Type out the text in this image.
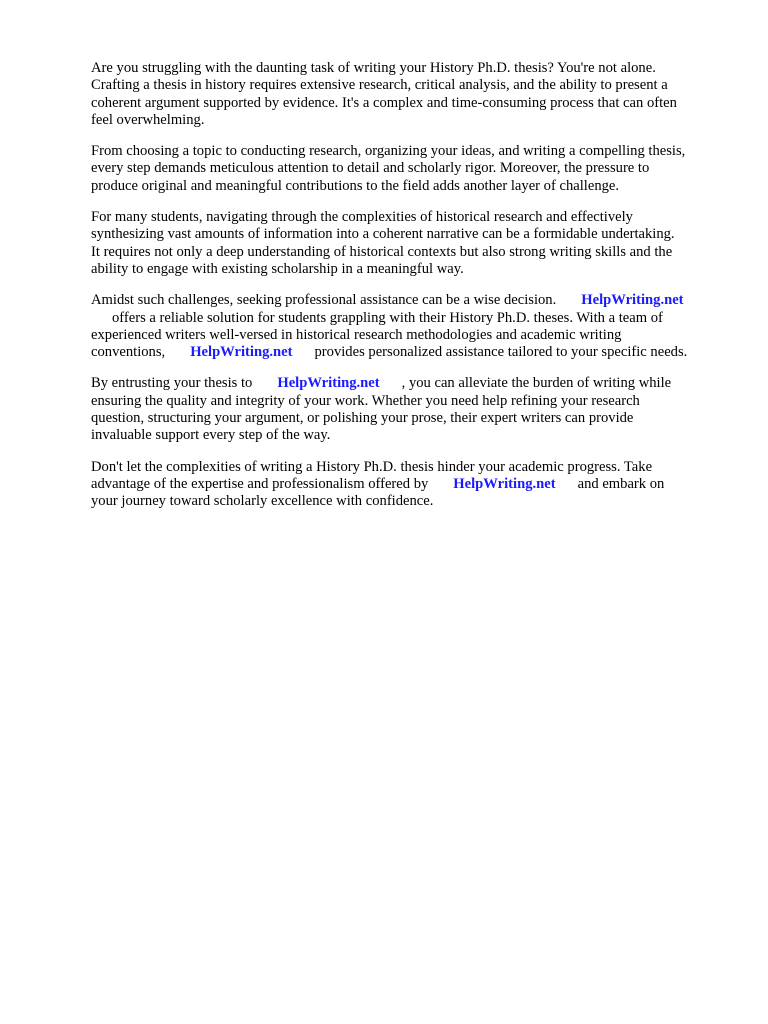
Are you struggling with the daunting task of writing your History Ph.D. thesis? You're not alone.
Crafting a thesis in history requires extensive research, critical analysis, and the ability to present a
coherent argument supported by evidence. It's a complex and time-consuming process that can often
feel overwhelming.

From choosing a topic to conducting research, organizing your ideas, and writing a compelling thesis,
every step demands meticulous attention to detail and scholarly rigor. Moreover, the pressure to
produce original and meaningful contributions to the field adds another layer of challenge.

For many students, navigating through the complexities of historical research and effectively
synthesizing vast amounts of information into a coherent narrative can be a formidable undertaking.
It requires not only a deep understanding of historical contexts but also strong writing skills and the
ability to engage with existing scholarship in a meaningful way.

Amidst such challenges, seeking professional assistance can be a wise decision. HelpWriting.net
offers a reliable solution for students grappling with their History Ph.D. theses. With a team of
experienced writers well-versed in historical research methodologies and academic writing
conventions, HelpWriting.net provides personalized assistance tailored to your specific needs.

By entrusting your thesis to HelpWriting.net , you can alleviate the burden of writing while
ensuring the quality and integrity of your work. Whether you need help refining your research
question, structuring your argument, or polishing your prose, their expert writers can provide
invaluable support every step of the way.

Don't let the complexities of writing a History Ph.D. thesis hinder your academic progress. Take
advantage of the expertise and professionalism offered by HelpWriting.net and embark on
your journey toward scholarly excellence with confidence.
